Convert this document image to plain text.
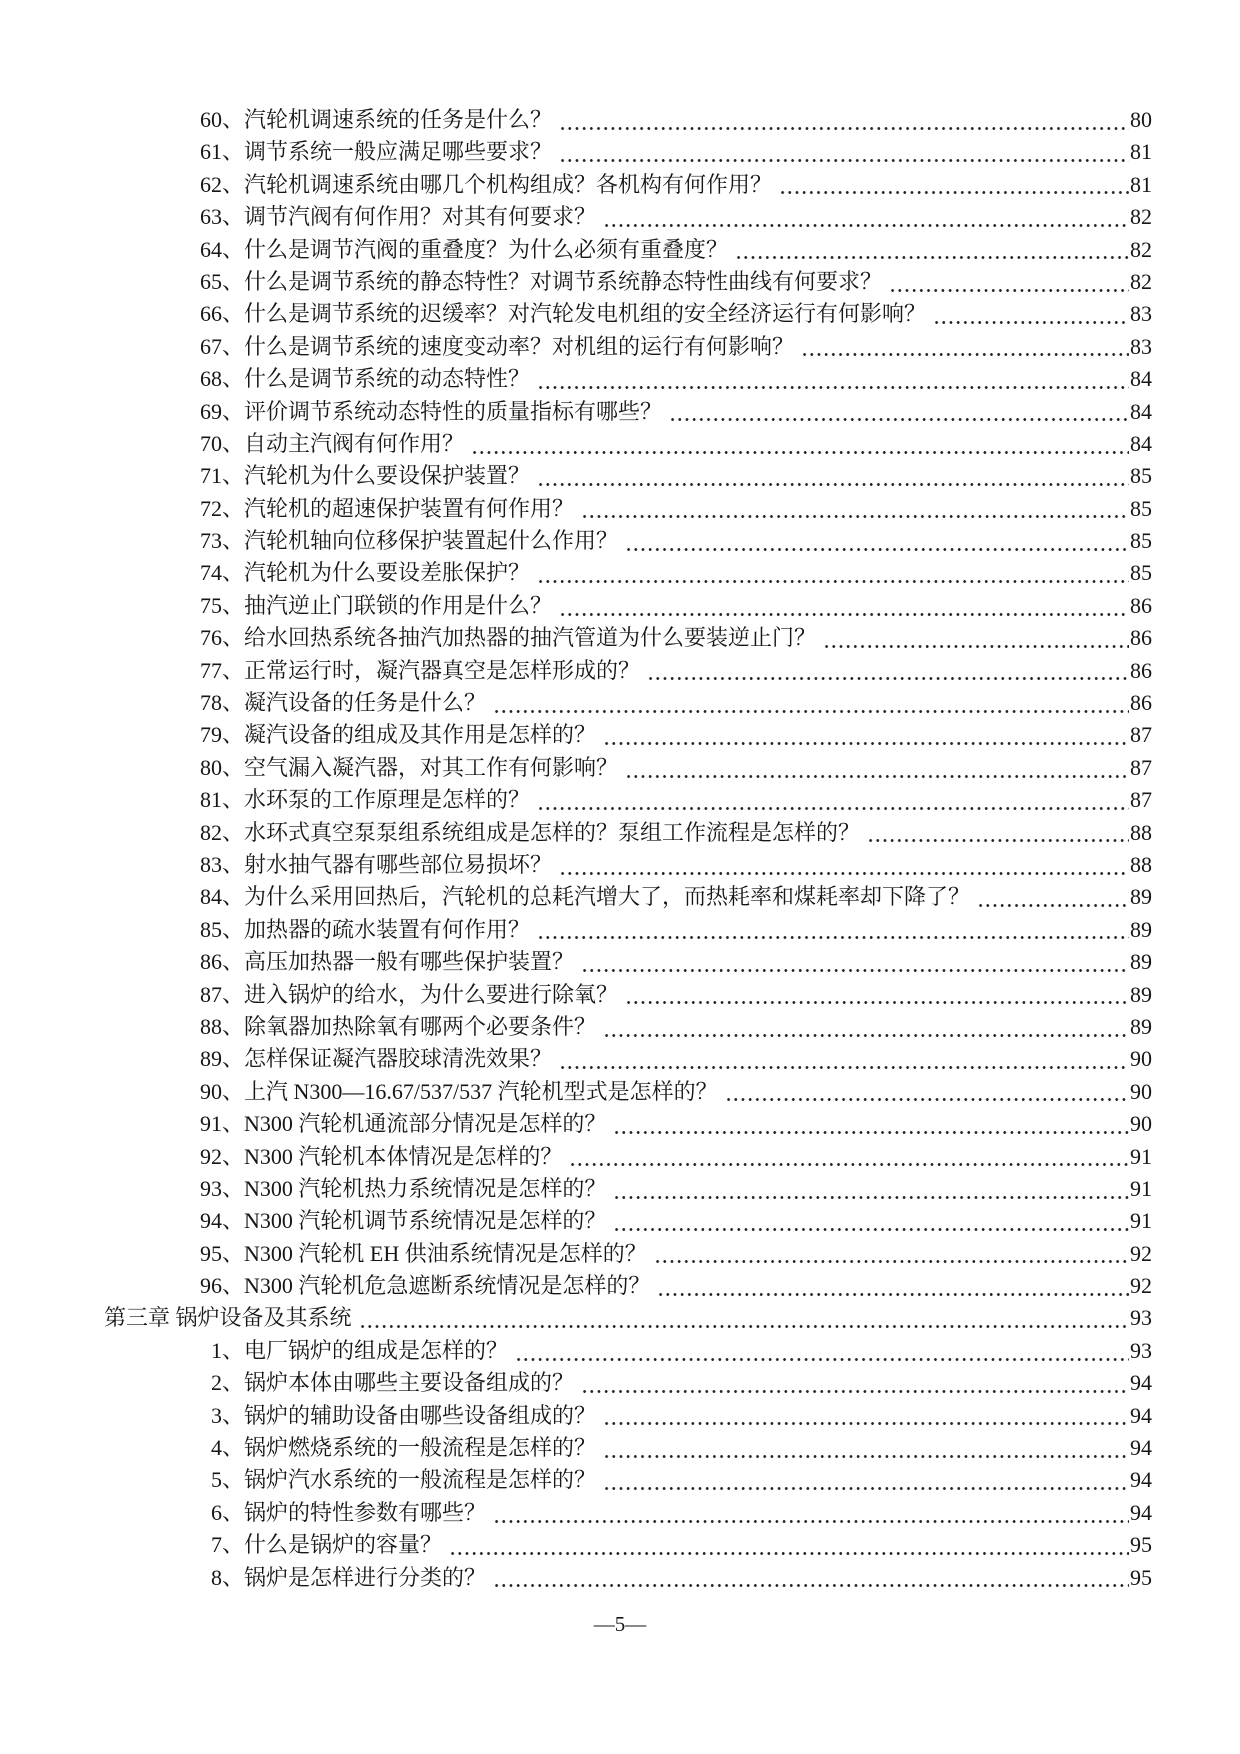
60、 汽轮机调速系统的任务是什么？	80
61、 调节系统一般应满足哪些要求？	81
62、 汽轮机调速系统由哪几个机构组成？各机构有何作用？	81
63、 调节汽阀有何作用？对其有何要求？	82
64、 什么是调节汽阀的重叠度？为什么必须有重叠度？	82
65、 什么是调节系统的静态特性？对调节系统静态特性曲线有何要求？	82
66、 什么是调节系统的迟缓率？对汽轮发电机组的安全经济运行有何影响？	83
67、 什么是调节系统的速度变动率？对机组的运行有何影响？	83
68、 什么是调节系统的动态特性？	84
69、 评价调节系统动态特性的质量指标有哪些？	84
70、 自动主汽阀有何作用？	84
71、 汽轮机为什么要设保护装置？	85
72、 汽轮机的超速保护装置有何作用？	85
73、 汽轮机轴向位移保护装置起什么作用？	85
74、 汽轮机为什么要设差胀保护？	85
75、 抽汽逆止门联锁的作用是什么？	86
76、 给水回热系统各抽汽加热器的抽汽管道为什么要装逆止门？	86
77、 正常运行时，凝汽器真空是怎样形成的？	86
78、 凝汽设备的任务是什么？	86
79、 凝汽设备的组成及其作用是怎样的？	87
80、 空气漏入凝汽器，对其工作有何影响？	87
81、 水环泵的工作原理是怎样的？	87
82、 水环式真空泵泵组系统组成是怎样的？泵组工作流程是怎样的？	88
83、 射水抽气器有哪些部位易损坏？	88
84、 为什么采用回热后，汽轮机的总耗汽增大了，而热耗率和煤耗率却下降了？	89
85、 加热器的疏水装置有何作用？	89
86、 高压加热器一般有哪些保护装置？	89
87、 进入锅炉的给水，为什么要进行除氧？	89
88、 除氧器加热除氧有哪两个必要条件？	89
89、 怎样保证凝汽器胶球清洗效果？	90
90、 上汽 N300—16.67/537/537 汽轮机型式是怎样的？	90
91、 N300 汽轮机通流部分情况是怎样的？	90
92、 N300 汽轮机本体情况是怎样的？	91
93、 N300 汽轮机热力系统情况是怎样的？	91
94、 N300 汽轮机调节系统情况是怎样的？	91
95、 N300 汽轮机 EH 供油系统情况是怎样的？	92
96、 N300 汽轮机危急遮断系统情况是怎样的？	92
第三章 锅炉设备及其系统	93
1、 电厂锅炉的组成是怎样的？	93
2、 锅炉本体由哪些主要设备组成的？	94
3、 锅炉的辅助设备由哪些设备组成的？	94
4、 锅炉燃烧系统的一般流程是怎样的？	94
5、 锅炉汽水系统的一般流程是怎样的？	94
6、 锅炉的特性参数有哪些？	94
7、 什么是锅炉的容量？	95
8、 锅炉是怎样进行分类的？	95
—5—
